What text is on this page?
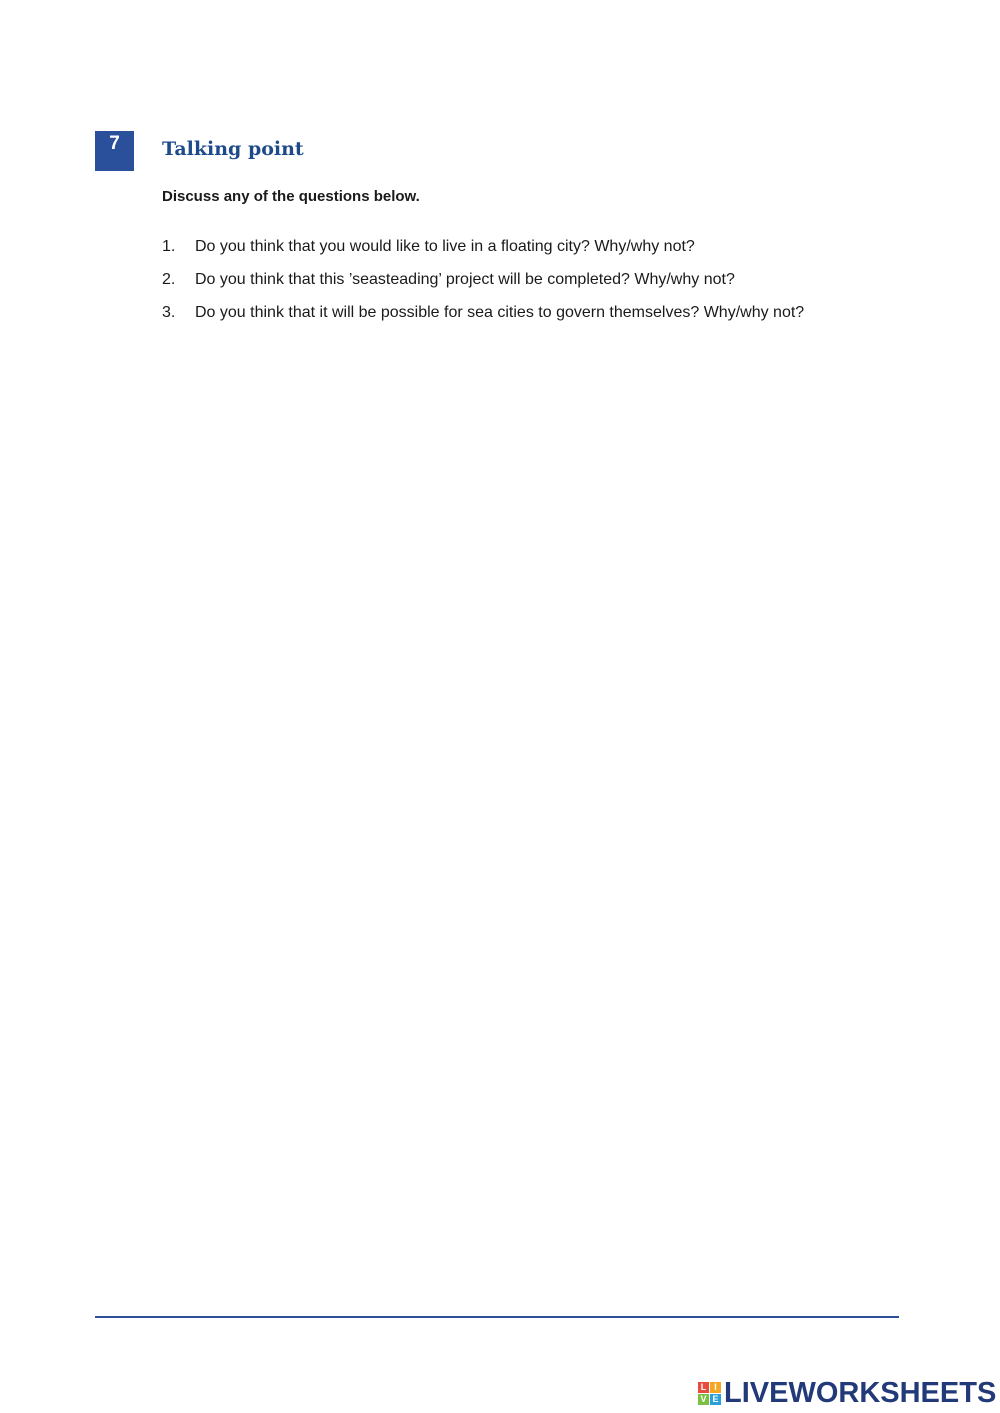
7	Talking point

Discuss any of the questions below.

1.	Do you think that you would like to live in a floating city? Why/why not?
2.	Do you think that this ’seasteading’ project will be completed? Why/why not?
3.	Do you think that it will be possible for sea cities to govern themselves? Why/why not?
L I
V E LIVEWORKSHEETS
